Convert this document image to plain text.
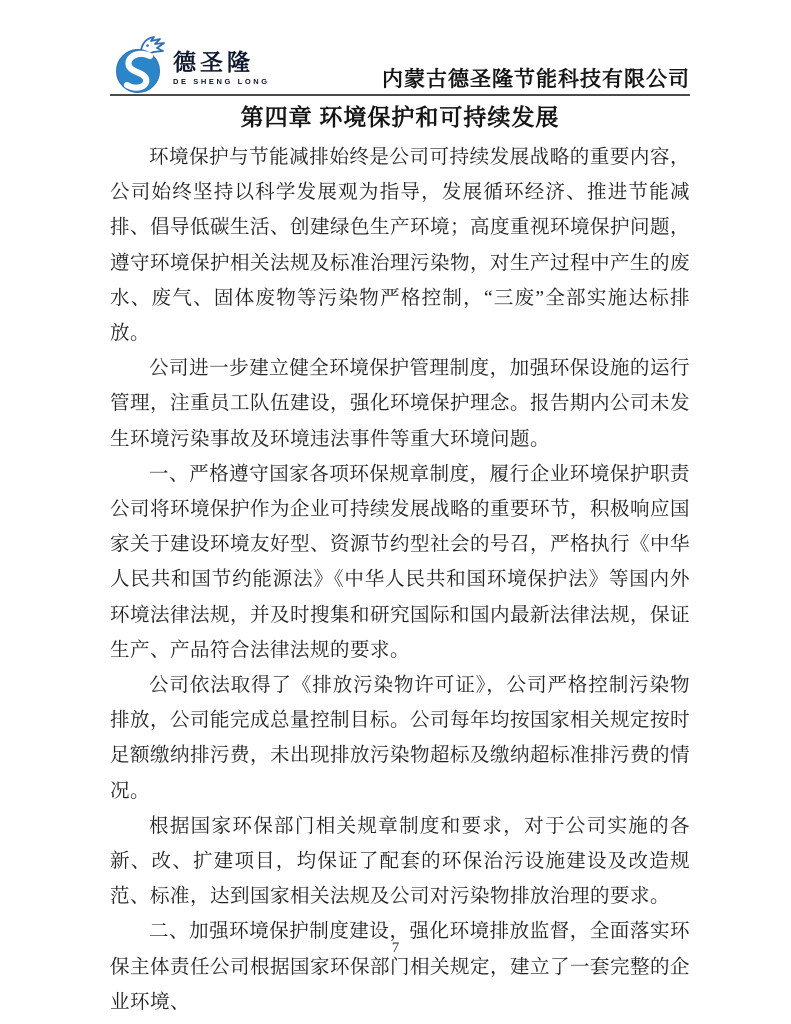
德圣隆
DE SHENG LONG	内蒙古德圣隆节能科技有限公司
第四章 环境保护和可持续发展

环境保护与节能减排始终是公司可持续发展战略的重要内容，公司始终坚持以科学发展观为指导，发展循环经济、推进节能减排、倡导低碳生活、创建绿色生产环境；高度重视环境保护问题，遵守环境保护相关法规及标准治理污染物，对生产过程中产生的废水、废气、固体废物等污染物严格控制，“三废”全部实施达标排放。

公司进一步建立健全环境保护管理制度，加强环保设施的运行管理，注重员工队伍建设，强化环境保护理念。报告期内公司未发生环境污染事故及环境违法事件等重大环境问题。

一、严格遵守国家各项环保规章制度，履行企业环境保护职责公司将环境保护作为企业可持续发展战略的重要环节，积极响应国家关于建设环境友好型、资源节约型社会的号召，严格执行《中华人民共和国节约能源法》《中华人民共和国环境保护法》等国内外环境法律法规，并及时搜集和研究国际和国内最新法律法规，保证生产、产品符合法律法规的要求。

公司依法取得了《排放污染物许可证》，公司严格控制污染物排放，公司能完成总量控制目标。公司每年均按国家相关规定按时足额缴纳排污费，未出现排放污染物超标及缴纳超标准排污费的情况。

根据国家环保部门相关规章制度和要求，对于公司实施的各新、改、扩建项目，均保证了配套的环保治污设施建设及改造规范、标准，达到国家相关法规及公司对污染物排放治理的要求。

二、加强环境保护制度建设，强化环境排放监督，全面落实环保主体责任公司根据国家环保部门相关规定，建立了一套完整的企业环境、

7
